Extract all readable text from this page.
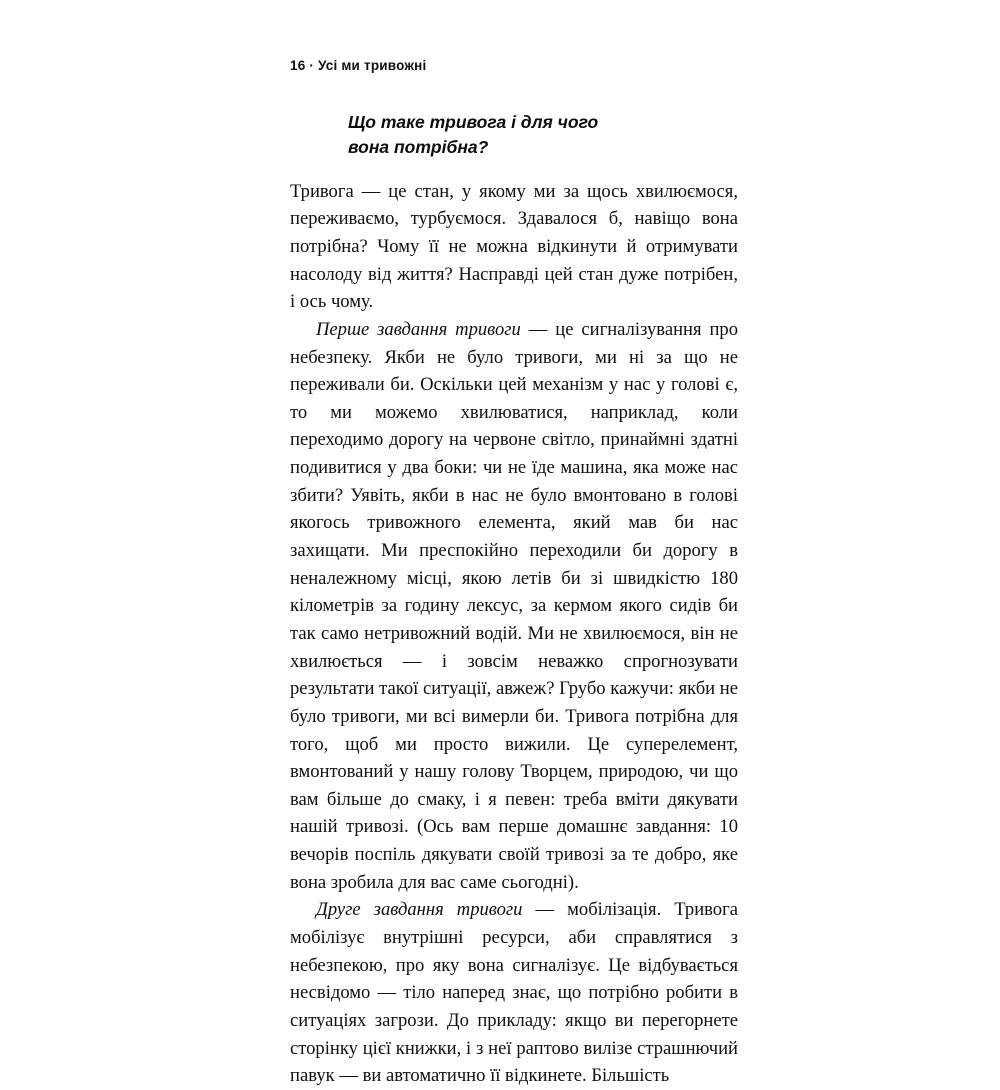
16 · Усі ми тривожні
Що таке тривога і для чого
вона потрібна?

Тривога — це стан, у якому ми за щось хвилюємося, переживаємо, турбуємося. Здавалося б, навіщо вона потрібна? Чому її не можна відкинути й отримувати насолоду від життя? Насправді цей стан дуже потрібен, і ось чому.

Перше завдання тривоги — це сигналізування про небезпеку. Якби не було тривоги, ми ні за що не переживали би. Оскільки цей механізм у нас у голові є, то ми можемо хвилюватися, наприклад, коли переходимо дорогу на червоне світло, принаймні здатні подивитися у два боки: чи не їде машина, яка може нас збити? Уявіть, якби в нас не було вмонтовано в голові якогось тривожного елемента, який мав би нас захищати. Ми преспокійно переходили би дорогу в неналежному місці, якою летів би зі швидкістю 180 кілометрів за годину лексус, за кермом якого сидів би так само нетривожний водій. Ми не хвилюємося, він не хвилюється — і зовсім неважко спрогнозувати результати такої ситуації, авжеж? Грубо кажучи: якби не було тривоги, ми всі вимерли би. Тривога потрібна для того, щоб ми просто вижили. Це суперелемент, вмонтований у нашу голову Творцем, природою, чи що вам більше до смаку, і я певен: треба вміти дякувати нашій тривозі. (Ось вам перше домашнє завдання: 10 вечорів поспіль дякувати своїй тривозі за те добро, яке вона зробила для вас саме сьогодні).

Друге завдання тривоги — мобілізація. Тривога мобілізує внутрішні ресурси, аби справлятися з небезпекою, про яку вона сигналізує. Це відбувається несвідомо — тіло наперед знає, що потрібно робити в ситуаціях загрози. До прикладу: якщо ви перегорнете сторінку цієї книжки, і з неї раптово вилізе страшнючий павук — ви автоматично її відкинете. Більшість
